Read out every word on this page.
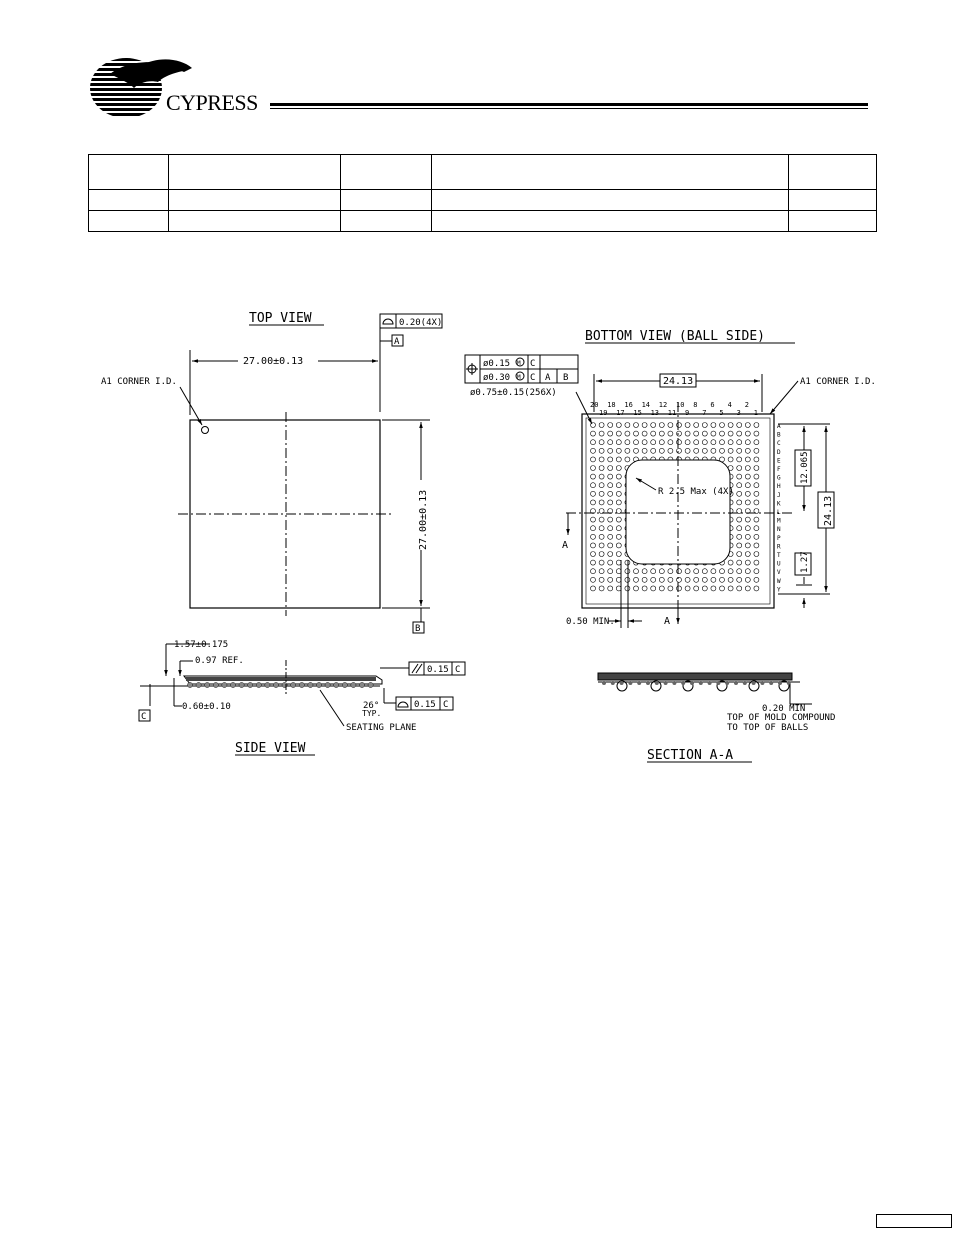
CYPRESS

TOP VIEW	0.20(4X)
A
27.00±0.13
A1 CORNER I.D.
27.00±0.13
B
BOTTOM VIEW (BALL SIDE)
ø0.15 M C
ø0.30 M C A B
ø0.75±0.15(256X)
24.13	A1 CORNER I.D.
20 18 16 14 12 10 8 6 4 2
19 17 15 13 11 9 7 5 3 1
R 2.5 Max (4X)
A
B
C
D
E
F
G
H
J
K
L
M
N
P
R
T
U
V
W
Y
12.065
1.27
24.13
A
A
0.50 MIN.
1.57±0.175
0.97 REF.
C
0.60±0.10
0.15 C
26°
TYP.
0.15 C
SEATING PLANE
SIDE VIEW
0.20 MIN
TOP OF MOLD COMPOUND
TO TOP OF BALLS
SECTION A-A
